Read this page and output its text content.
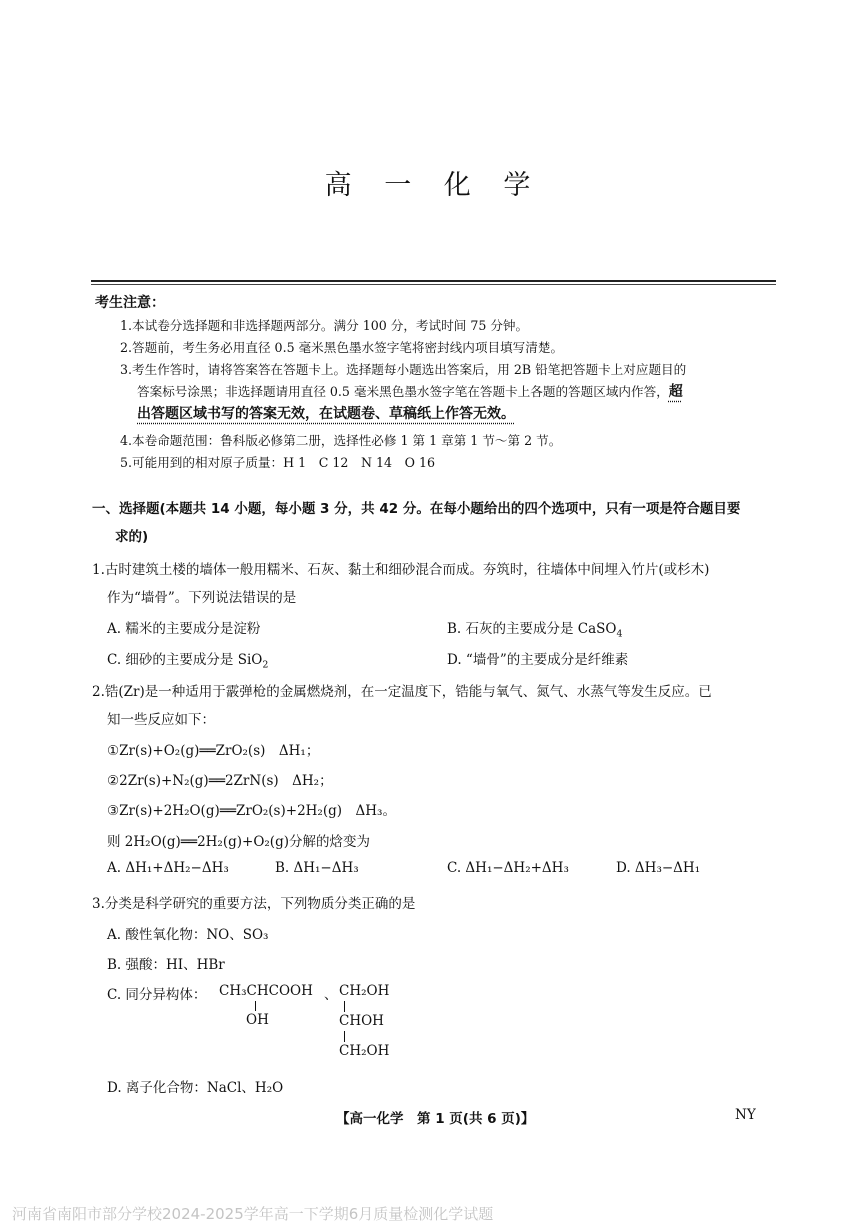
高 一 化 学
考生注意：
1.本试卷分选择题和非选择题两部分。满分 100 分，考试时间 75 分钟。
2.答题前，考生务必用直径 0.5 毫米黑色墨水签字笔将密封线内项目填写清楚。
3.考生作答时，请将答案答在答题卡上。选择题每小题选出答案后，用 2B 铅笔把答题卡上对应题目的
答案标号涂黑；非选择题请用直径 0.5 毫米黑色墨水签字笔在答题卡上各题的答题区域内作答，超
出答题区域书写的答案无效，在试题卷、草稿纸上作答无效。
4.本卷命题范围：鲁科版必修第二册，选择性必修 1 第 1 章第 1 节～第 2 节。
5.可能用到的相对原子质量：H 1　C 12　N 14　O 16
一、选择题(本题共 14 小题，每小题 3 分，共 42 分。在每小题给出的四个选项中，只有一项是符合题目要
求的)
1.古时建筑土楼的墙体一般用糯米、石灰、黏土和细砂混合而成。夯筑时，往墙体中间埋入竹片(或杉木)
作为“墙骨”。下列说法错误的是
A. 糯米的主要成分是淀粉	B. 石灰的主要成分是 CaSO$_4$
C. 细砂的主要成分是 SiO$_2$	D. “墙骨”的主要成分是纤维素
2.锆(Zr)是一种适用于霰弹枪的金属燃烧剂，在一定温度下，锆能与氧气、氮气、水蒸气等发生反应。已
知一些反应如下：
①Zr(s)+O₂(g)══ZrO₂(s)　ΔH₁；
②2Zr(s)+N₂(g)══2ZrN(s)　ΔH₂；
③Zr(s)+2H₂O(g)══ZrO₂(s)+2H₂(g)　ΔH₃。
则 2H₂O(g)══2H₂(g)+O₂(g)分解的焓变为
A. ΔH₁+ΔH₂−ΔH₃	B. ΔH₁−ΔH₃	C. ΔH₁−ΔH₂+ΔH₃	D. ΔH₃−ΔH₁
3.分类是科学研究的重要方法，下列物质分类正确的是
A. 酸性氧化物：NO、SO₃
B. 强酸：HI、HBr
C. 同分异构体： CH₃CHCOOH
OH
、 CH₂OH
CHOH
CH₂OH
D. 离子化合物：NaCl、H₂O
【高一化学　第 1 页(共 6 页)】	NY
河南省南阳市部分学校2024-2025学年高一下学期6月质量检测化学试题
